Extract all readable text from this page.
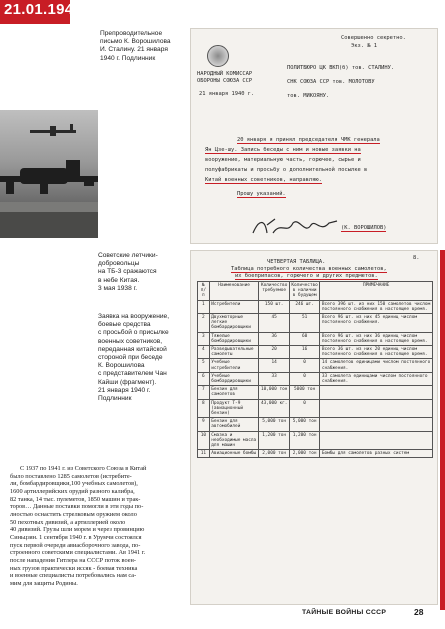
21.01.1940
Препроводительное
письмо К. Ворошилова
И. Сталину. 21 января
1940 г. Подлинник
Советские летчики-
добровольцы
на ТБ-3 сражаются
в небе Китая.
3 мая 1938 г.
Заявка на вооружение,
боевые средства
с просьбой о присылке
военных советников,
переданная китайской
стороной при беседе
К. Ворошилова
с представителем Чан
Кайши (фрагмент).
21 января 1940 г.
Подлинник
НАРОДНЫЙ КОМИССАР
ОБОРОНЫ СОЮЗА ССР
21 января 1940 г.
Совершенно секретно.
Экз. № 1
ПОЛИТБЮРО ЦК ВКП(б) тов. СТАЛИНУ.
СНК СОЮЗА ССР тов. МОЛОТОВУ
тов. МИКОЯНУ.
20 января я принял председателя ЧМК генерала
Ян Цзе-шу. Запись беседы с ним и новые заявки на
вооружение, материальную часть, горючее, сырье и
полуфабрикаты и просьбу о дополнительной посылке в
Китай военных советников, направляю.
Прошу указаний.
(К. ВОРОШИЛОВ)
8.
ЧЕТВЕРТАЯ ТАБЛИЦА.
Таблица потребного количества военных самолетов,
их боеприпасов, горючего и других предметов.
№ п/п	Наименование	Количество требуемое	Количество в наличии в будущем	ПРИМЕЧАНИЕ
1	Истребители	150 шт.	246 шт.	Всего 396 шт. из них 150 самолетов числом постоянного снабжения в настоящее время.
2	Двухмоторные легкие бомбардировщики	45	51	Всего 96 шт. из них 45 единиц числом постоянного снабжения.
3	Тяжелые бомбардировщики	36	60	Всего 96 шт. из них 36 единиц числом постоянного снабжения в настоящее время.
4	Разведывательные самолеты	20	16	Всего 36 шт. из них 20 единиц числом постоянного снабжения в настоящее время.
5	Учебные истребители	14	0	14 самолетов единицами числом постоянного снабжения.
6	Учебные бомбардировщики	33	0	33 самолета единицами числом постоянного снабжения.
7	Бензин для самолетов	10,000 тон	5000 тон	
8	Продукт Т-9 (авиационный бензин)	43,000 кг.	0	
9	Бензин для автомобилей	5,000 тон	5,000 тон	
10	Смазка и необходимые масла для машин	1,200 тон	1,200 тон	
11	Авиационные бомбы	2,000 тон	2,000 тон	Бомбы для самолетов разных систем
С 1937 по 1941 г. из Советского Союза в Китай
было поставлено 1285 самолетов (истребите-
ли, бомбардировщики,100 учебных самолетов),
1600 артиллерийских орудий разного калибра,
82 танка, 14 тыс. пулеметов, 1850 машин и трак-
торов… Данные поставки помогли в эти годы по-
лностью оснастить стрелковым оружием около
50 пехотных дивизий, а артиллерией около
40 дивизий. Грузы шли морем и через провинцию
Синьцзян. 1 сентября 1940 г. в Урумчи состоялся
пуск первой очереди авиасборочного завода, по-
строенного советскими специалистами. Ав 1941 г.
после нападения Гитлера на СССР поток воен-
ных грузов практически иссяк - боевая техника
и военные специалисты потребовались нам са-
мим для защиты Родины.
ТАЙНЫЕ ВОЙНЫ СССР	28
